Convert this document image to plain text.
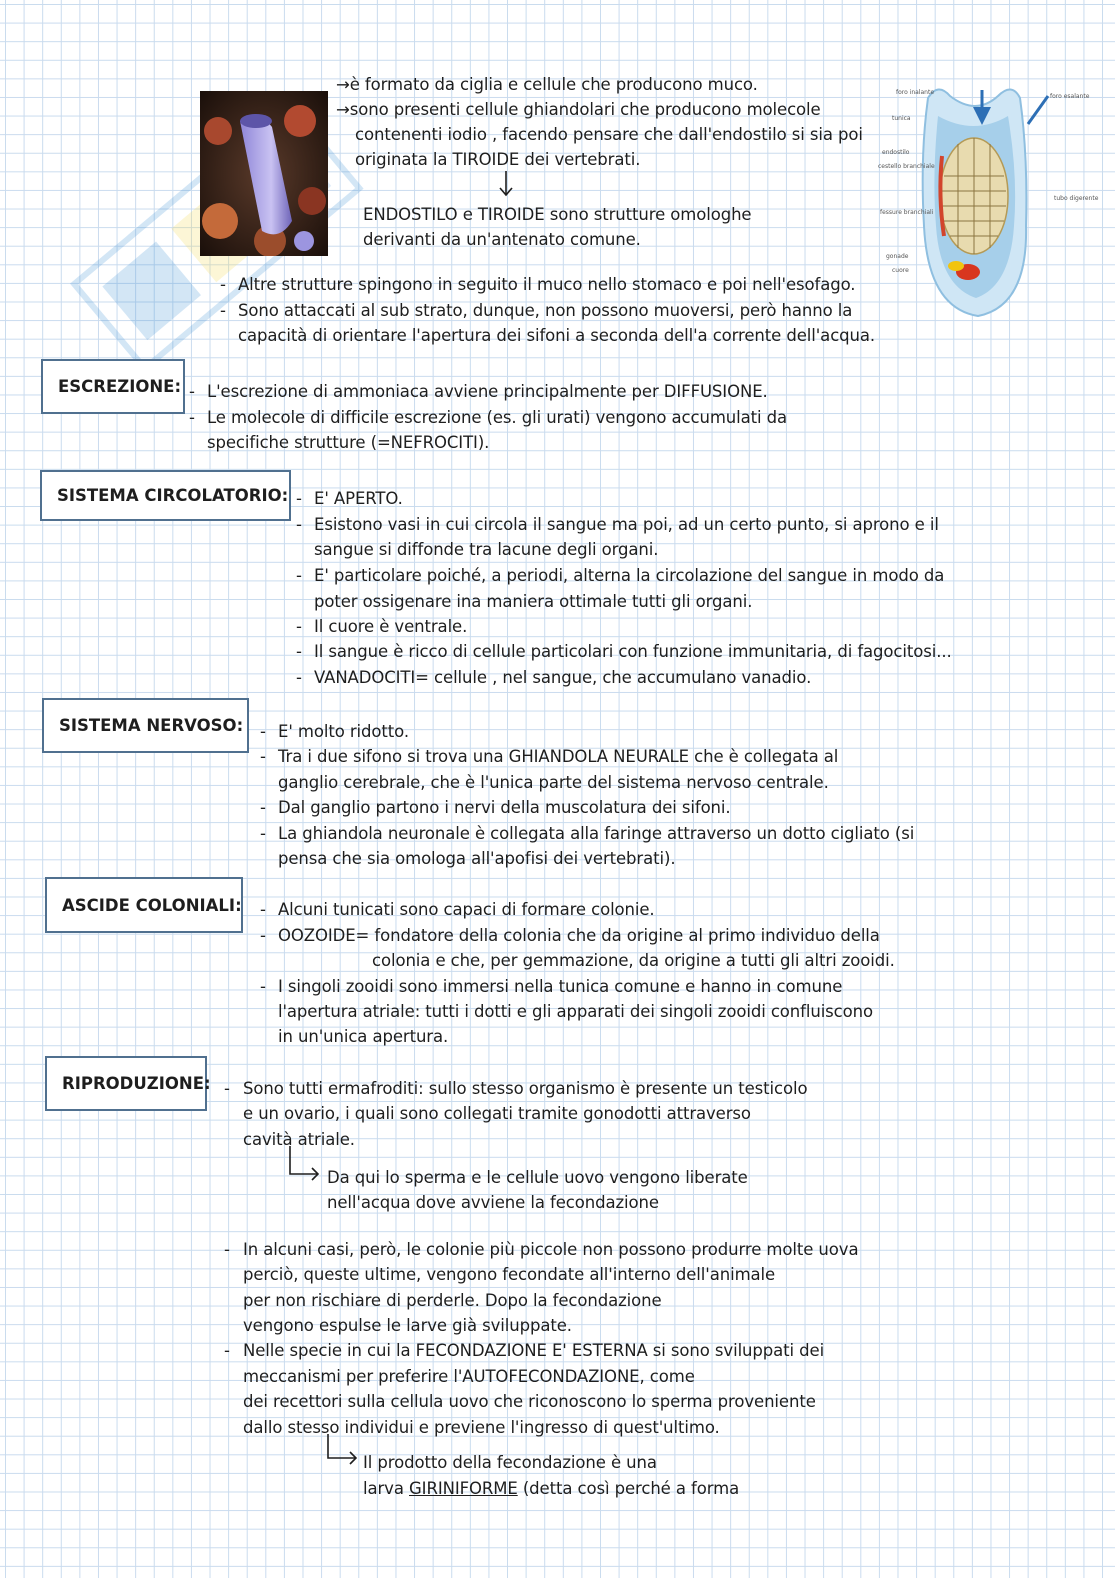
→è formato da ciglia e cellule che producono muco.
→sono presenti cellule ghiandolari che producono molecole
contenenti iodio , facendo pensare che dall'endostilo si sia poi
originata la TIROIDE dei vertebrati.
ENDOSTILO e TIROIDE sono strutture omologhe
derivanti da un'antenato comune.
- Altre strutture spingono in seguito il muco nello stomaco e poi nell'esofago.
- Sono attaccati al sub strato, dunque, non possono muoversi, però hanno la
capacità di orientare l'apertura dei sifoni a seconda dell'a corrente dell'acqua.
foro inalante
tunica
endostilo
cestello branchiale
fessure branchiali
gonade
cuore
foro esalante
tubo digerente
ESCREZIONE: - L'escrezione di ammoniaca avviene principalmente per DIFFUSIONE.
- Le molecole di difficile escrezione (es. gli urati) vengono accumulati da
specifiche strutture (=NEFROCITI).
SISTEMA CIRCOLATORIO: - E' APERTO.
- Esistono vasi in cui circola il sangue ma poi, ad un certo punto, si aprono e il
sangue si diffonde tra lacune degli organi.
- E' particolare poiché, a periodi, alterna la circolazione del sangue in modo da
poter ossigenare ina maniera ottimale tutti gli organi.
- Il cuore è ventrale.
- Il sangue è ricco di cellule particolari con funzione immunitaria, di fagocitosi...
- VANADOCITI= cellule , nel sangue, che accumulano vanadio.
SISTEMA NERVOSO:	- E' molto ridotto.
- Tra i due sifono si trova una GHIANDOLA NEURALE che è collegata al
ganglio cerebrale, che è l'unica parte del sistema nervoso centrale.
- Dal ganglio partono i nervi della muscolatura dei sifoni.
- La ghiandola neuronale è collegata alla faringe attraverso un dotto cigliato (si
pensa che sia omologa all'apofisi dei vertebrati).
ASCIDE COLONIALI: - Alcuni tunicati sono capaci di formare colonie.
- OOZOIDE= fondatore della colonia che da origine al primo individuo della
colonia e che, per gemmazione, da origine a tutti gli altri zooidi.
- I singoli zooidi sono immersi nella tunica comune e hanno in comune
l'apertura atriale: tutti i dotti e gli apparati dei singoli zooidi confluiscono
in un'unica apertura.
RIPRODUZIONE: - Sono tutti ermafroditi: sullo stesso organismo è presente un testicolo
e un ovario, i quali sono collegati tramite gonodotti attraverso
cavità atriale.
Da qui lo sperma e le cellule uovo vengono liberate
nell'acqua dove avviene la fecondazione
- In alcuni casi, però, le colonie più piccole non possono produrre molte uova
perciò, queste ultime, vengono fecondate all'interno dell'animale
per non rischiare di perderle. Dopo la fecondazione
vengono espulse le larve già sviluppate.
- Nelle specie in cui la FECONDAZIONE E' ESTERNA si sono sviluppati dei
meccanismi per preferire l'AUTOFECONDAZIONE, come
dei recettori sulla cellula uovo che riconoscono lo sperma proveniente
dallo stesso individui e previene l'ingresso di quest'ultimo.
Il prodotto della fecondazione è una
larva GIRINIFORME (detta così perché a forma
